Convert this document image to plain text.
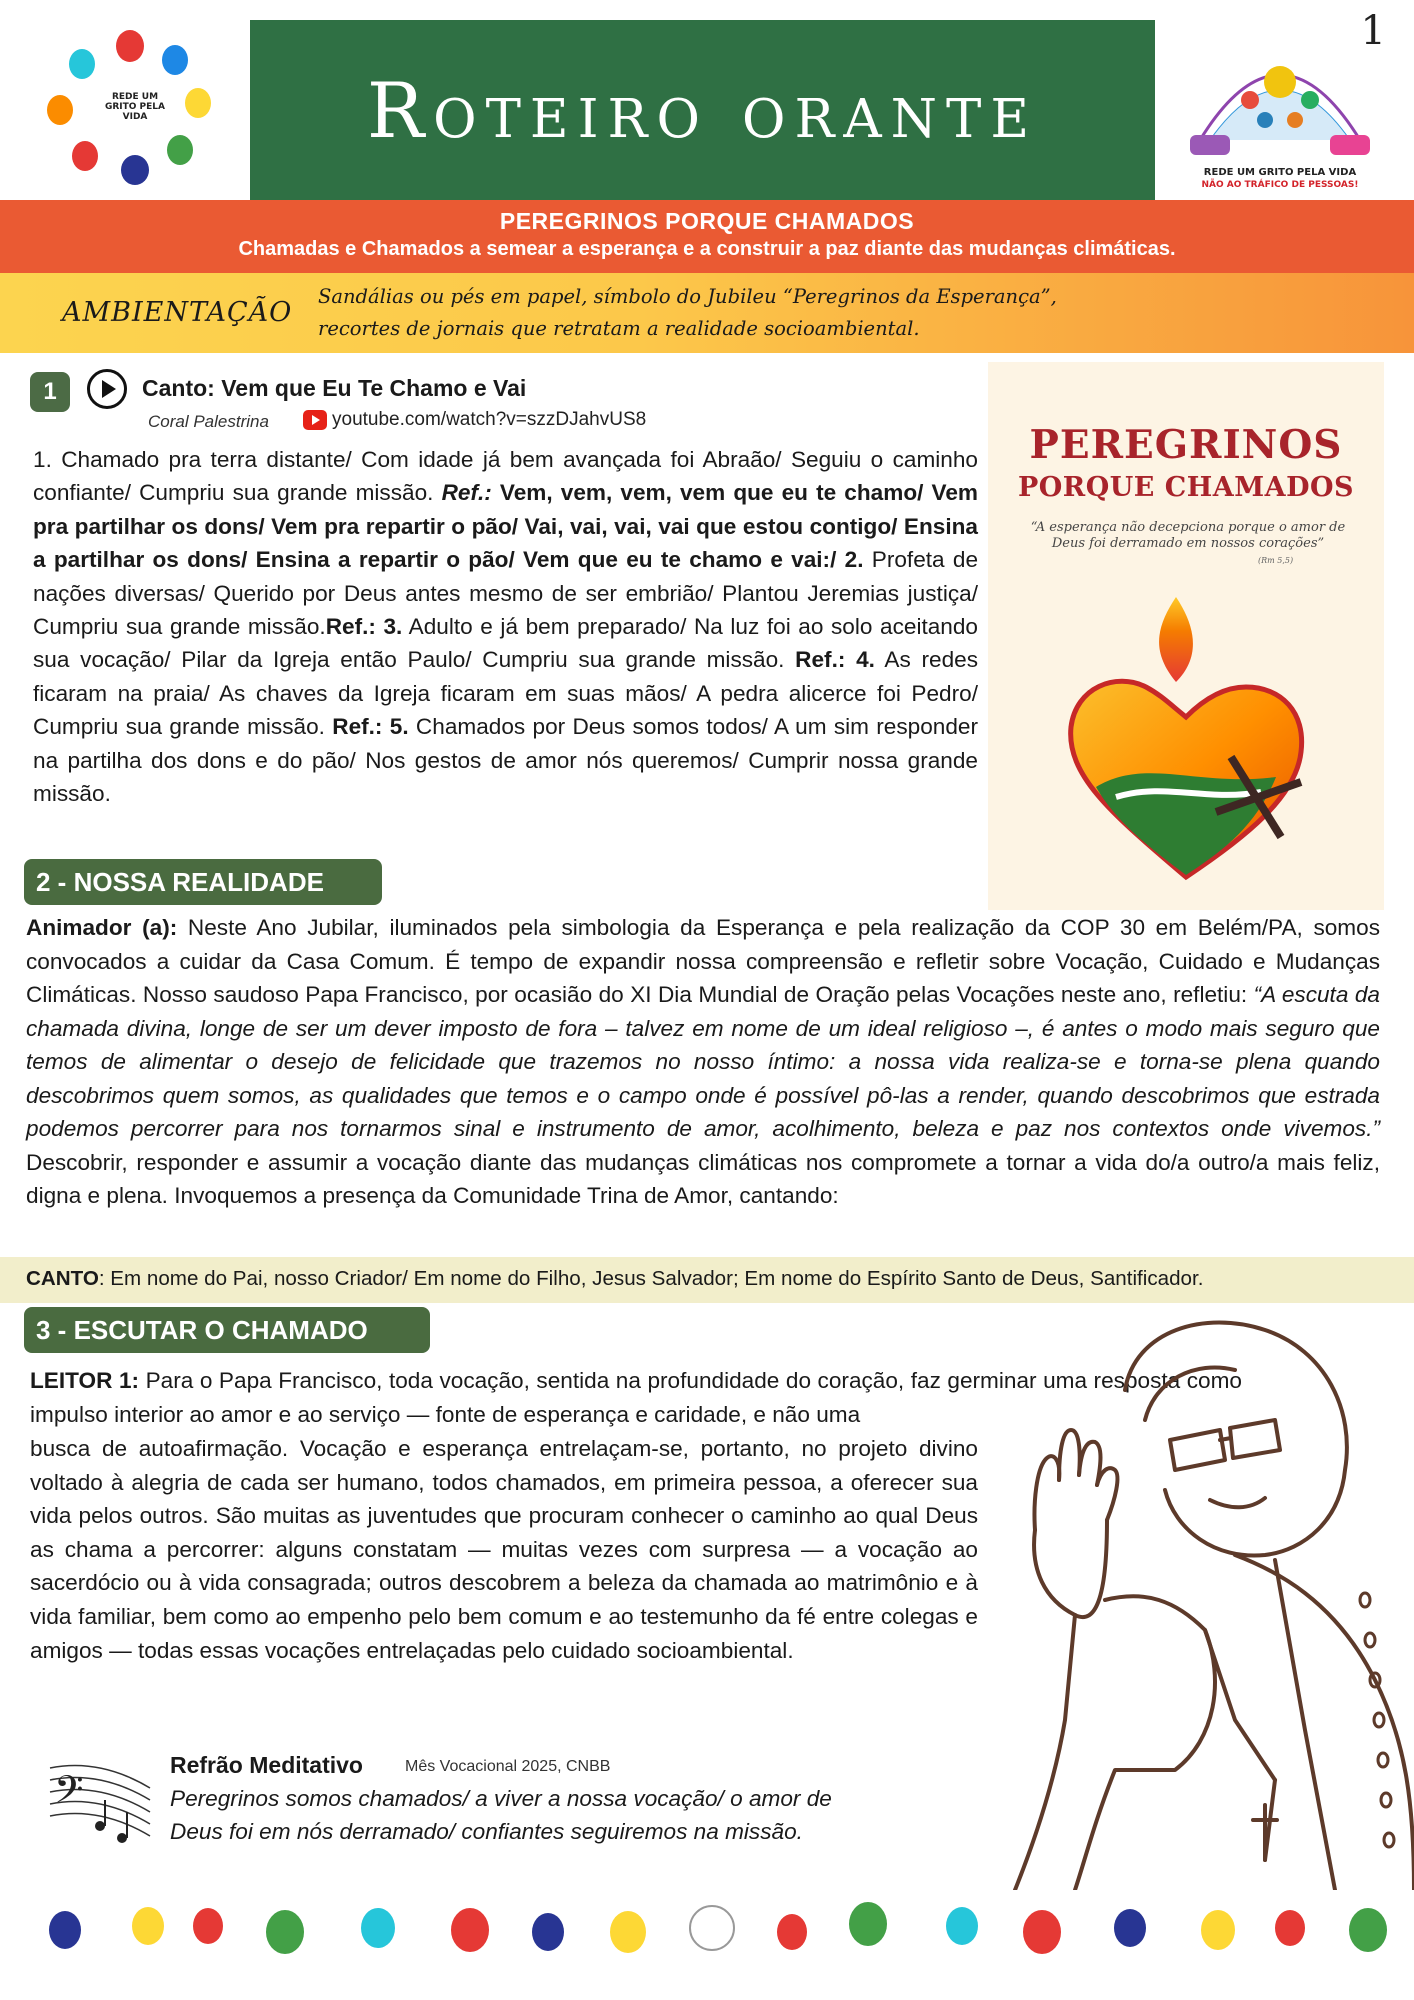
REDE UM GRITO PELA VIDA	Roteiro orante
1
REDE UM GRITO PELA VIDA
NÃO AO TRÁFICO DE PESSOAS!
PEREGRINOS PORQUE CHAMADOS
Chamadas e Chamados a semear a esperança e a construir a paz diante das mudanças climáticas.
AMBIENTAÇÃO
Sandálias ou pés em papel, símbolo do Jubileu “Peregrinos da Esperança”,
recortes de jornais que retratam a realidade socioambiental.
1	Canto: Vem que Eu Te Chamo e Vai
Coral Palestrina	youtube.com/watch?v=szzDJahvUS8
1. Chamado pra terra distante/ Com idade já bem avançada foi Abraão/ Seguiu o caminho confiante/ Cumpriu sua grande missão. Ref.: Vem, vem, vem, vem que eu te chamo/ Vem pra partilhar os dons/ Vem pra repartir o pão/ Vai, vai, vai, vai que estou contigo/ Ensina a partilhar os dons/ Ensina a repartir o pão/ Vem que eu te chamo e vai:/ 2. Profeta de nações diversas/ Querido por Deus antes mesmo de ser embrião/ Plantou Jeremias justiça/ Cumpriu sua grande missão.Ref.: 3. Adulto e já bem preparado/ Na luz foi ao solo aceitando sua vocação/ Pilar da Igreja então Paulo/ Cumpriu sua grande missão. Ref.: 4. As redes ficaram na praia/ As chaves da Igreja ficaram em suas mãos/ A pedra alicerce foi Pedro/ Cumpriu sua grande missão. Ref.: 5. Chamados por Deus somos todos/ A um sim responder na partilha dos dons e do pão/ Nos gestos de amor nós queremos/ Cumprir nossa grande missão.
PEREGRINOS
PORQUE CHAMADOS
“A esperança não decepciona porque o amor de Deus foi derramado em nossos corações”
(Rm 5,5)
2 - NOSSA REALIDADE
Animador (a): Neste Ano Jubilar, iluminados pela simbologia da Esperança e pela realização da COP 30 em Belém/PA, somos convocados a cuidar da Casa Comum. É tempo de expandir nossa compreensão e refletir sobre Vocação, Cuidado e Mudanças Climáticas. Nosso saudoso Papa Francisco, por ocasião do XI Dia Mundial de Oração pelas Vocações neste ano, refletiu: “A escuta da chamada divina, longe de ser um dever imposto de fora – talvez em nome de um ideal religioso –, é antes o modo mais seguro que temos de alimentar o desejo de felicidade que trazemos no nosso íntimo: a nossa vida realiza-se e torna-se plena quando descobrimos quem somos, as qualidades que temos e o campo onde é possível pô-las a render, quando descobrimos que estrada podemos percorrer para nos tornarmos sinal e instrumento de amor, acolhimento, beleza e paz nos contextos onde vivemos.” Descobrir, responder e assumir a vocação diante das mudanças climáticas nos compromete a tornar a vida do/a outro/a mais feliz, digna e plena. Invoquemos a presença da Comunidade Trina de Amor, cantando:
CANTO: Em nome do Pai, nosso Criador/ Em nome do Filho, Jesus Salvador; Em nome do Espírito Santo de Deus, Santificador.
3 - ESCUTAR O CHAMADO
LEITOR 1: Para o Papa Francisco, toda vocação, sentida na profundidade do coração, faz germinar uma resposta como impulso interior ao amor e ao serviço — fonte de esperança e caridade, e não uma
busca de autoafirmação. Vocação e esperança entrelaçam-se, portanto, no projeto divino voltado à alegria de cada ser humano, todos chamados, em primeira pessoa, a oferecer sua vida pelos outros. São muitas as juventudes que procuram conhecer o caminho ao qual Deus as chama a percorrer: alguns constatam — muitas vezes com surpresa — a vocação ao sacerdócio ou à vida consagrada; outros descobrem a beleza da chamada ao matrimônio e à vida familiar, bem como ao empenho pelo bem comum e ao testemunho da fé entre colegas e amigos — todas essas vocações entrelaçadas pelo cuidado socioambiental.
𝄢
Refrão Meditativo	Mês Vocacional 2025, CNBB
Peregrinos somos chamados/ a viver a nossa vocação/ o amor de
Deus foi em nós derramado/ confiantes seguiremos na missão.
